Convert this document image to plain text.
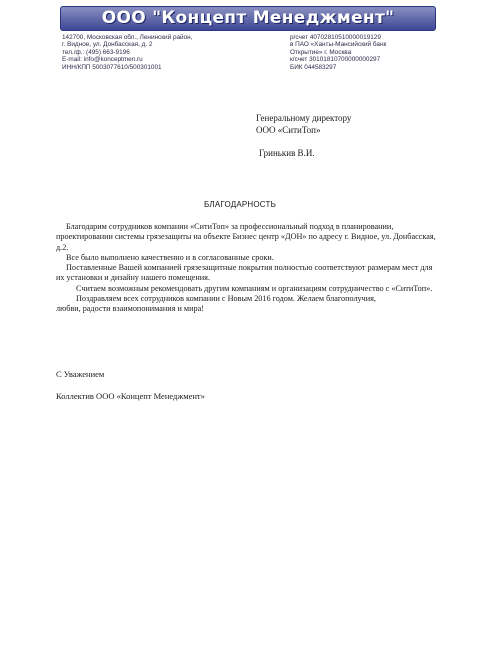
ООО "Концепт Менеджмент"
142700, Московская обл., Ленинский район,
г. Видное, ул. Донбасская, д. 2
тел./ф.: (495) 663-9196
E-mail: info@konceptmen.ru
ИНН/КПП 5003077610/500301001
р/счет 40702810510000019129
в ПАО «Ханты-Мансийский банк
Открытие» г. Москва
к/счет 30101810700000000297
БИК 044583297
Генеральному директору
ООО «СитиТоп»
Гринькив В.И.
БЛАГОДАРНОСТЬ

Благодарим сотрудников компании «СитиТоп» за профессиональный подход в планировании, проектировании системы грязезащиты на объекте Бизнес центр «ДОН» по адресу г. Видное, ул. Донбасская, д.2.

Все было выполнено качественно и в согласованные сроки.

Поставленные Вашей компанией грязезащитные покрытия полностью соответствуют размерам мест для их установки и дизайну нашего помещения.

Считаем возможным рекомендовать другим компаниям и организациям сотрудничество с «СитиТоп».

Поздравляем всех сотрудников компании с Новым 2016 годом. Желаем благополучия,

любви, радости взаимопонимания и мира!

С Уважением
Коллектив ООО «Концепт Менеджмент»
